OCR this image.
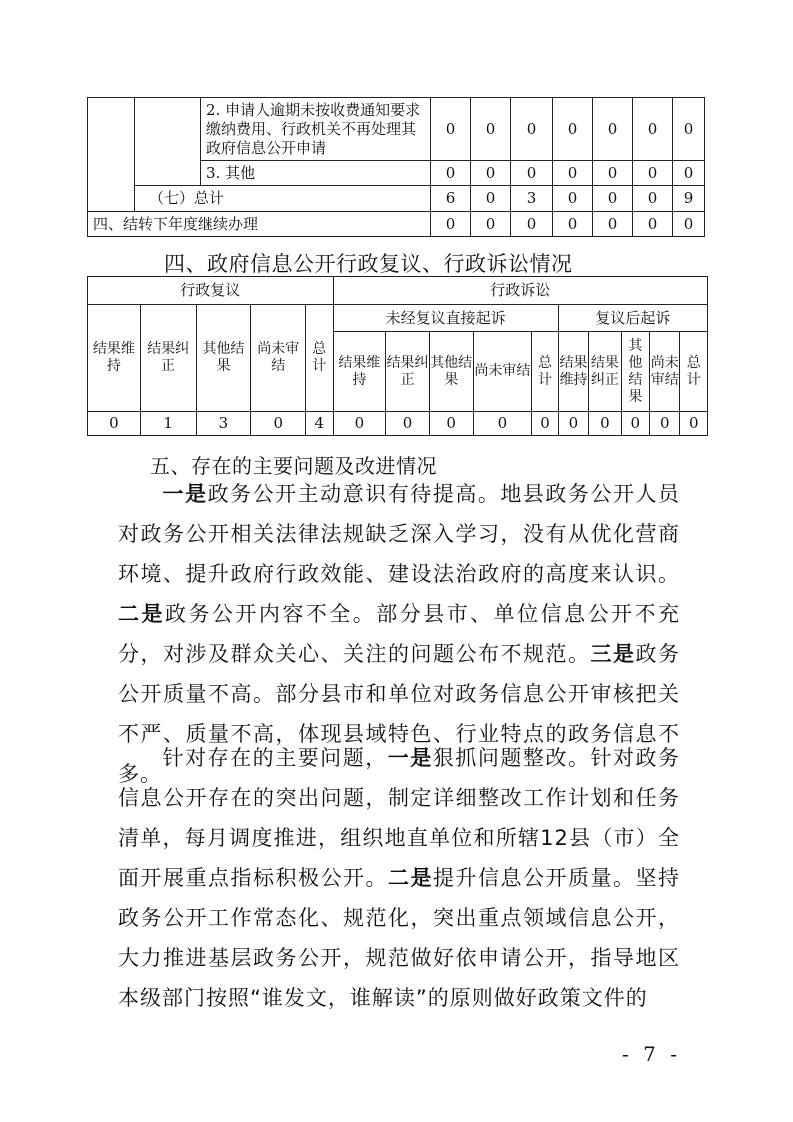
		2. 申请人逾期未按收费通知要求缴纳费用、行政机关不再处理其政府信息公开申请	0	0	0	0	0	0	0
		3. 其他	0	0	0	0	0	0	0
	（七）总计		6	0	3	0	0	0	9
四、结转下年度继续办理			0	0	0	0	0	0	0
四、政府信息公开行政复议、行政诉讼情况
行政复议					行政诉讼									
结果维持	结果纠正	其他结果	尚未审结	总计	未经复议直接起诉					复议后起诉				
					结果维持	结果纠正	其他结果	尚未审结	总计	结果维持	结果纠正	其他结果	尚未审结	总计
0	1	3	0	4	0	0	0	0	0	0	0	0	0	0
五、存在的主要问题及改进情况
一是政务公开主动意识有待提高。地县政务公开人员对政务公开相关法律法规缺乏深入学习，没有从优化营商环境、提升政府行政效能、建设法治政府的高度来认识。二是政务公开内容不全。部分县市、单位信息公开不充分，对涉及群众关心、关注的问题公布不规范。三是政务公开质量不高。部分县市和单位对政务信息公开审核把关不严、质量不高，体现县域特色、行业特点的政务信息不多。
针对存在的主要问题，一是狠抓问题整改。针对政务信息公开存在的突出问题，制定详细整改工作计划和任务清单，每月调度推进，组织地直单位和所辖12县（市）全面开展重点指标积极公开。二是提升信息公开质量。坚持政务公开工作常态化、规范化，突出重点领域信息公开，大力推进基层政务公开，规范做好依申请公开，指导地区本级部门按照“谁发文，谁解读”的原则做好政策文件的
- 7 -
